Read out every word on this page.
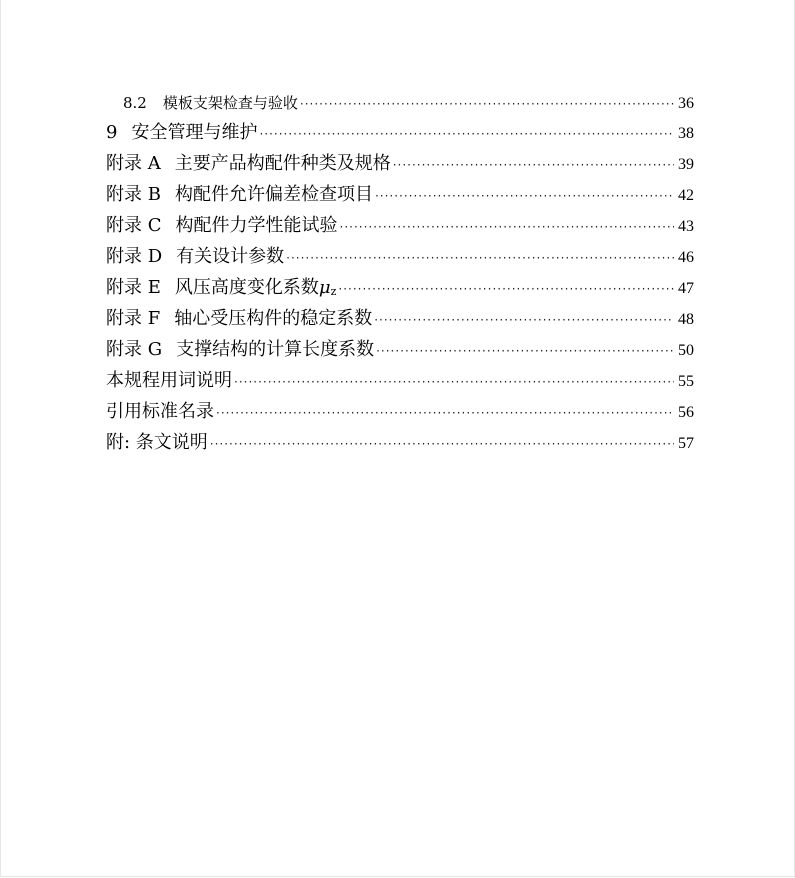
8.2 模板支架检查与验收 ·····	36
9 安全管理与维护 ·····	38
附录 A 主要产品构配件种类及规格 ·····	39
附录 B 构配件允许偏差检查项目 ·····	42
附录 C 构配件力学性能试验 ·····	43
附录 D 有关设计参数 ·····	46
附录 E 风压高度变化系数μz ·····	47
附录 F 轴心受压构件的稳定系数 ·····	48
附录 G 支撑结构的计算长度系数 ·····	50
本规程用词说明 ·····	55
引用标准名录 ·····	56
附: 条文说明 ·····	57
